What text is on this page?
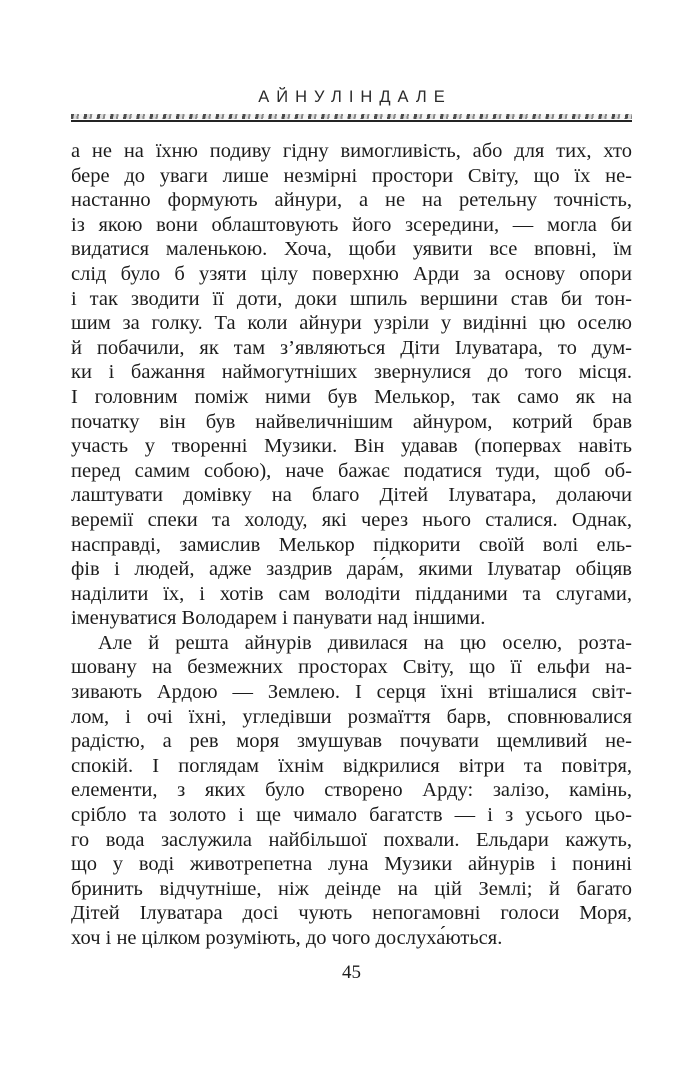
АЙНУЛІНДАЛЕ
а не на їхню подиву гідну вимогливість, або для тих, хто
бере до уваги лише незмірні простори Світу, що їх не-
настанно формують айнури, а не на ретельну точність,
із якою вони облаштовують його зсередини, — могла би
видатися маленькою. Хоча, щоби уявити все вповні, їм
слід було б узяти цілу поверхню Арди за основу опори
і так зводити її доти, доки шпиль вершини став би тон-
шим за голку. Та коли айнури узріли у видінні цю оселю
й побачили, як там з’являються Діти Ілуватара, то дум-
ки і бажання наймогутніших звернулися до того місця.
І головним поміж ними був Мелькор, так само як на
початку він був найвеличнішим айнуром, котрий брав
участь у творенні Музики. Він удавав (попервах навіть
перед самим собою), наче бажає податися туди, щоб об-
лаштувати домівку на благо Дітей Ілуватара, долаючи
веремії спеки та холоду, які через нього сталися. Однак,
насправді, замислив Мелькор підкорити своїй волі ель-
фів і людей, адже заздрив дара́м, якими Ілуватар обіцяв
наділити їх, і хотів сам володіти підданими та слугами,
іменуватися Володарем і панувати над іншими.
Але й решта айнурів дивилася на цю оселю, розта-
шовану на безмежних просторах Світу, що її ельфи на-
зивають Ардою — Землею. І серця їхні втішалися світ-
лом, і очі їхні, угледівши розмаїття барв, сповнювалися
радістю, а рев моря змушував почувати щемливий не-
спокій. І поглядам їхнім відкрилися вітри та повітря,
елементи, з яких було створено Арду: залізо, камінь,
срібло та золото і ще чимало багатств — і з усього цьо-
го вода заслужила найбільшої похвали. Ельдари кажуть,
що у воді животрепетна луна Музики айнурів і понині
бринить відчутніше, ніж деінде на цій Землі; й багато
Дітей Ілуватара досі чують непогамовні голоси Моря,
хоч і не цілком розуміють, до чого дослуха́ються.
45
